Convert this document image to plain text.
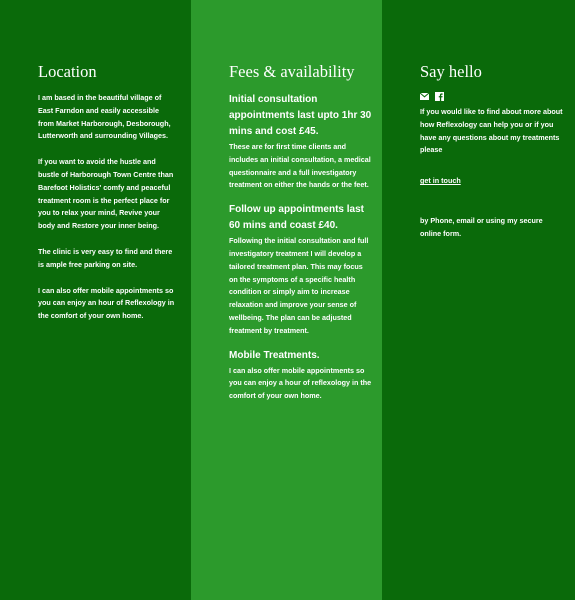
Location

I am based in the beautiful village of East Farndon and easily accessible from Market Harborough, Desborough, Lutterworth and surrounding Villages.

If you want to avoid the hustle and bustle of Harborough Town Centre than Barefoot Holistics' comfy and peaceful treatment room is the perfect place for you to relax your mind, Revive your body and Restore your inner being.

The clinic is very easy to find and there is ample free parking on site.

I can also offer mobile appointments so you can enjoy an hour of Reflexology in the comfort of your own home.

Fees & availability
Initial consultation appointments last upto 1hr 30 mins and cost £45.

These are for first time clients and includes an initial consultation, a medical questionnaire and a full investigatory treatment on either the hands or the feet.

Follow up appointments last 60 mins and coast £40.

Following the initial consultation and full investigatory treatment I will develop a tailored treatment plan. This may focus on the symptoms of a specific health condition or simply aim to increase relaxation and improve your sense of wellbeing. The plan can be adjusted freatment by treatment.

Mobile Treatments.

I can also offer mobile appointments so you can enjoy a hour of reflexology in the comfort of your own home.

Say hello

If you would like to find about more about how Reflexology can help you or if you have any questions about my treatments please

get in touch

by Phone, email or using my secure online form.
